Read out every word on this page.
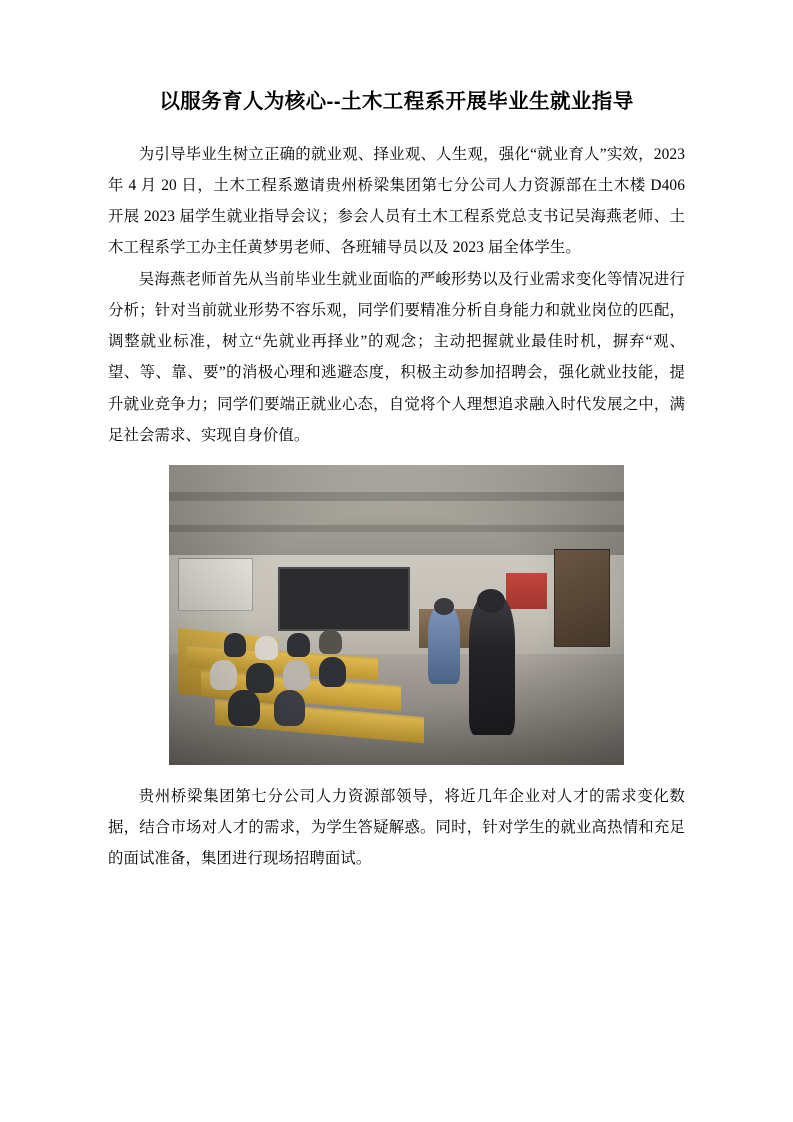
以服务育人为核心--土木工程系开展毕业生就业指导

为引导毕业生树立正确的就业观、择业观、人生观，强化“就业育人”实效，2023 年 4 月 20 日，土木工程系邀请贵州桥梁集团第七分公司人力资源部在土木楼 D406 开展 2023 届学生就业指导会议；参会人员有土木工程系党总支书记吴海燕老师、土木工程系学工办主任黄梦男老师、各班辅导员以及 2023 届全体学生。

吴海燕老师首先从当前毕业生就业面临的严峻形势以及行业需求变化等情况进行分析；针对当前就业形势不容乐观，同学们要精准分析自身能力和就业岗位的匹配，调整就业标准，树立“先就业再择业”的观念；主动把握就业最佳时机，摒弃“观、望、等、靠、要”的消极心理和逃避态度，积极主动参加招聘会，强化就业技能，提升就业竞争力；同学们要端正就业心态，自觉将个人理想追求融入时代发展之中，满足社会需求、实现自身价值。

贵州桥梁集团第七分公司人力资源部领导，将近几年企业对人才的需求变化数据，结合市场对人才的需求，为学生答疑解惑。同时，针对学生的就业高热情和充足的面试准备，集团进行现场招聘面试。
